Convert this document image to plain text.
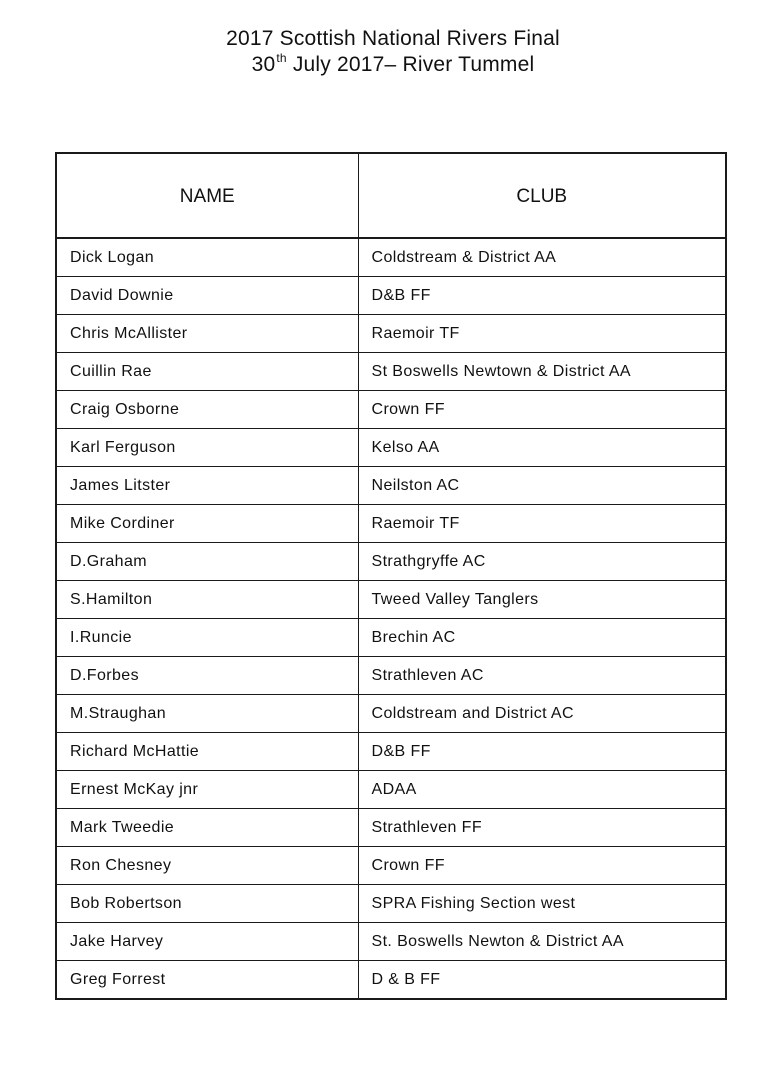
2017 Scottish National Rivers Final
30th July 2017– River Tummel
NAME	CLUB
Dick Logan	Coldstream & District AA
David Downie	D&B FF
Chris McAllister	Raemoir TF
Cuillin Rae	St Boswells Newtown & District AA
Craig Osborne	Crown FF
Karl Ferguson	Kelso AA
James Litster	Neilston AC
Mike Cordiner	Raemoir TF
D.Graham	Strathgryffe AC
S.Hamilton	Tweed Valley Tanglers
I.Runcie	Brechin AC
D.Forbes	Strathleven AC
M.Straughan	Coldstream and District AC
Richard McHattie	D&B FF
Ernest McKay jnr	ADAA
Mark Tweedie	Strathleven FF
Ron Chesney	Crown FF
Bob Robertson	SPRA Fishing Section west
Jake Harvey	St. Boswells Newton & District AA
Greg Forrest	D & B FF
